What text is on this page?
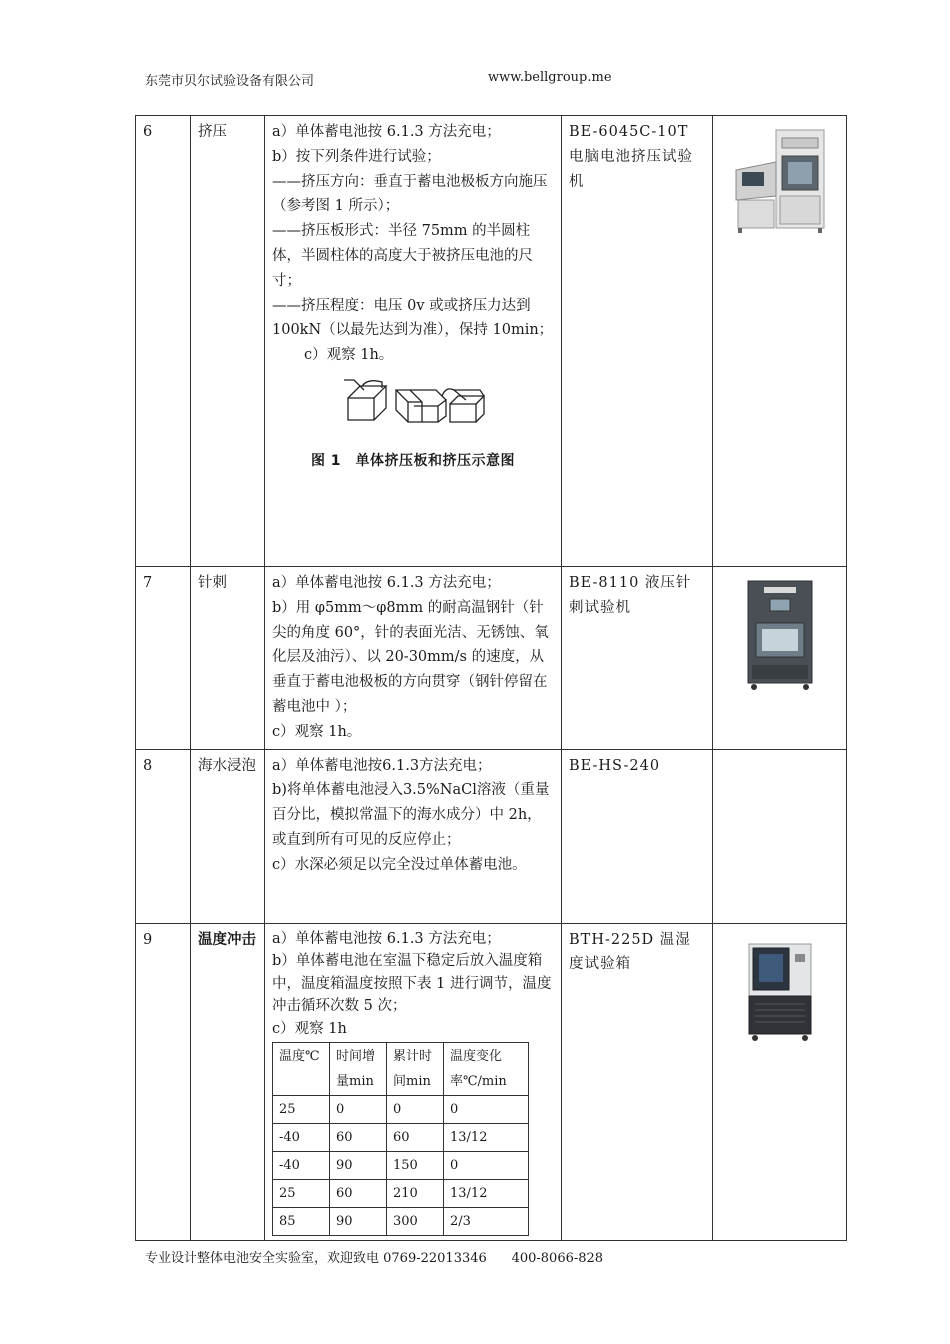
东莞市贝尔试验设备有限公司	www.bellgroup.me
6	挤压	a）单体蓄电池按 6.1.3 方法充电；
b）按下列条件进行试验；
——挤压方向：垂直于蓄电池极板方向施压（参考图 1 所示）；
——挤压板形式：半径 75mm 的半圆柱体，半圆柱体的高度大于被挤压电池的尺寸；
——挤压程度：电压 0v 或或挤压力达到 100kN（以最先达到为准），保持 10min；
c）观察 1h。
图 1　单体挤压板和挤压示意图
	BE-6045C-10T 电脑电池挤压试验机	

7	针刺	a）单体蓄电池按 6.1.3 方法充电；
b）用 φ5mm～φ8mm 的耐高温钢针（针尖的角度 60°，针的表面光洁、无锈蚀、氧化层及油污）、以 20-30mm/s 的速度，从垂直于蓄电池极板的方向贯穿（钢针停留在蓄电池中 ）；
c）观察 1h。
	BE-8110 液压针刺试验机	

8	海水浸泡	a）单体蓄电池按6.1.3方法充电；
b)将单体蓄电池浸入3.5%NaCl溶液（重量百分比，模拟常温下的海水成分）中 2h，或直到所有可见的反应停止；
c）水深必须足以完全没过单体蓄电池。
	BE-HS-240	
9	温度冲击	a）单体蓄电池按 6.1.3 方法充电；
b）单体蓄电池在室温下稳定后放入温度箱中，温度箱温度按照下表 1 进行调节，温度冲击循环次数 5 次；
c）观察 1h
温度℃	时间增量min	累计时间min	温度变化率℃/min
25	0	0	0
-40	60	60	13/12
-40	90	150	0
25	60	210	13/12
85	90	300	2/3
	BTH-225D 温湿度试验箱	
专业设计整体电池安全实验室，欢迎致电 0769-22013346 400-8066-828
